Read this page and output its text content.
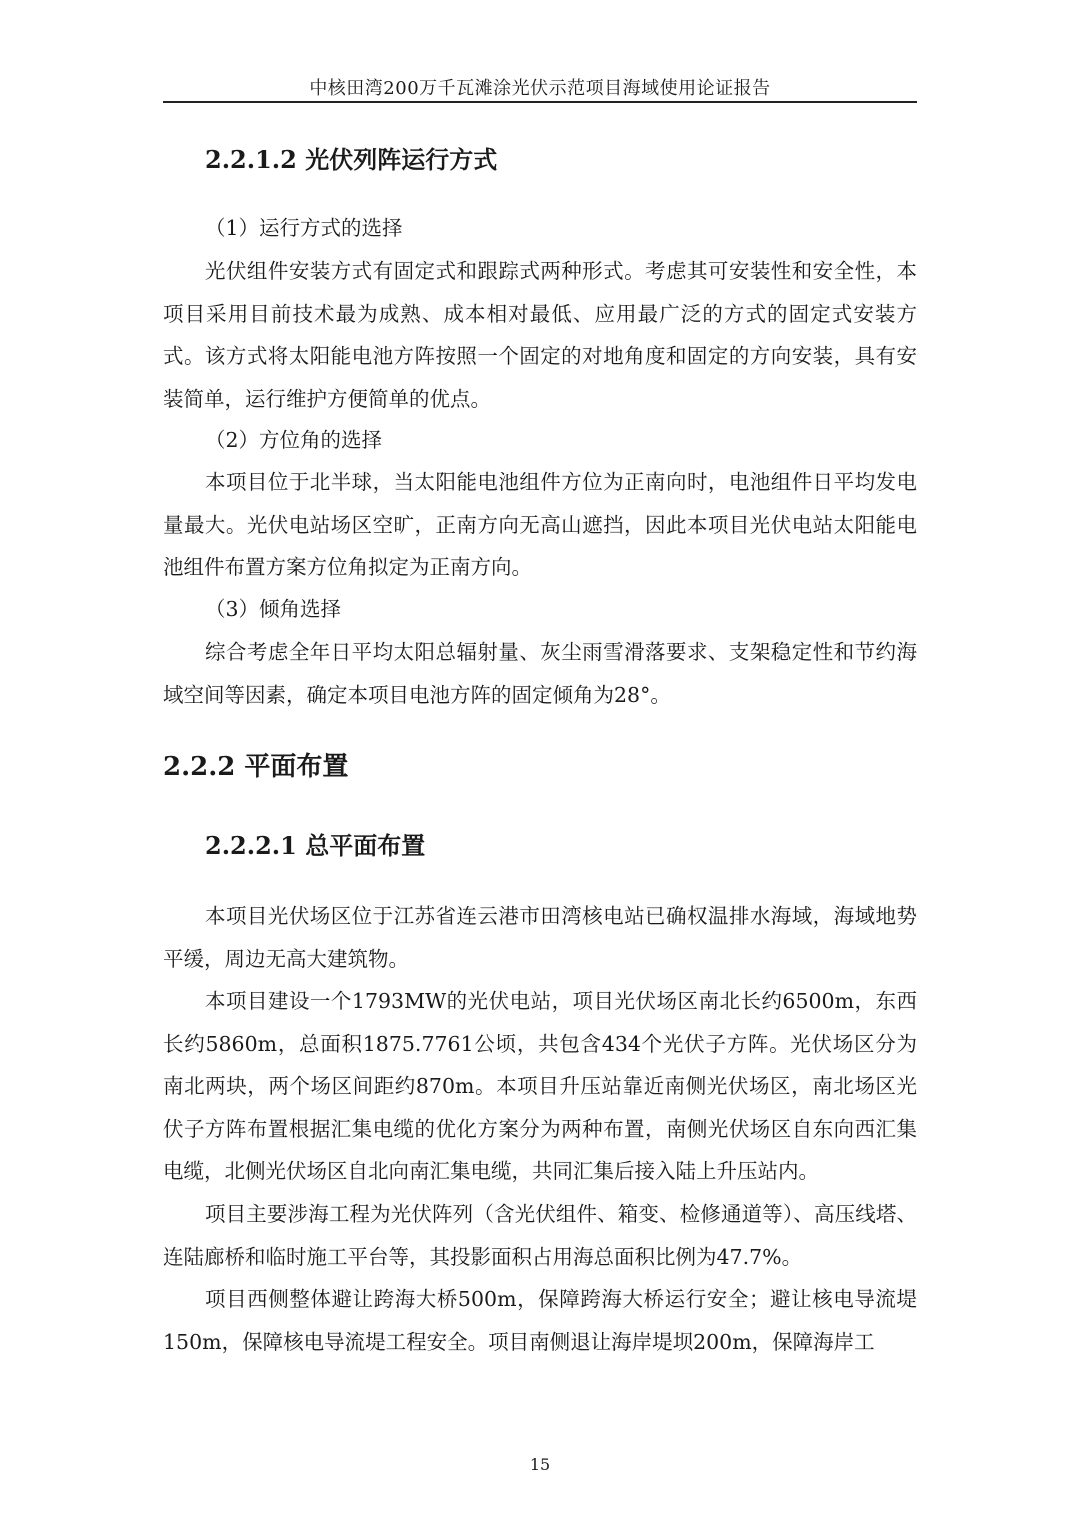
中核田湾200万千瓦滩涂光伏示范项目海域使用论证报告
2.2.1.2 光伏列阵运行方式
（1）运行方式的选择

光伏组件安装方式有固定式和跟踪式两种形式。考虑其可安装性和安全性，本项目采用目前技术最为成熟、成本相对最低、应用最广泛的方式的固定式安装方式。该方式将太阳能电池方阵按照一个固定的对地角度和固定的方向安装，具有安装简单，运行维护方便简单的优点。

（2）方位角的选择

本项目位于北半球，当太阳能电池组件方位为正南向时，电池组件日平均发电量最大。光伏电站场区空旷，正南方向无高山遮挡，因此本项目光伏电站太阳能电池组件布置方案方位角拟定为正南方向。

（3）倾角选择

综合考虑全年日平均太阳总辐射量、灰尘雨雪滑落要求、支架稳定性和节约海域空间等因素，确定本项目电池方阵的固定倾角为28°。

2.2.2 平面布置
2.2.2.1 总平面布置

本项目光伏场区位于江苏省连云港市田湾核电站已确权温排水海域，海域地势平缓，周边无高大建筑物。

本项目建设一个1793MW的光伏电站，项目光伏场区南北长约6500m，东西长约5860m，总面积1875.7761公顷，共包含434个光伏子方阵。光伏场区分为南北两块，两个场区间距约870m。本项目升压站靠近南侧光伏场区，南北场区光伏子方阵布置根据汇集电缆的优化方案分为两种布置，南侧光伏场区自东向西汇集电缆，北侧光伏场区自北向南汇集电缆，共同汇集后接入陆上升压站内。

项目主要涉海工程为光伏阵列（含光伏组件、箱变、检修通道等）、高压线塔、连陆廊桥和临时施工平台等，其投影面积占用海总面积比例为47.7%。

项目西侧整体避让跨海大桥500m，保障跨海大桥运行安全；避让核电导流堤150m，保障核电导流堤工程安全。项目南侧退让海岸堤坝200m，保障海岸工

15
